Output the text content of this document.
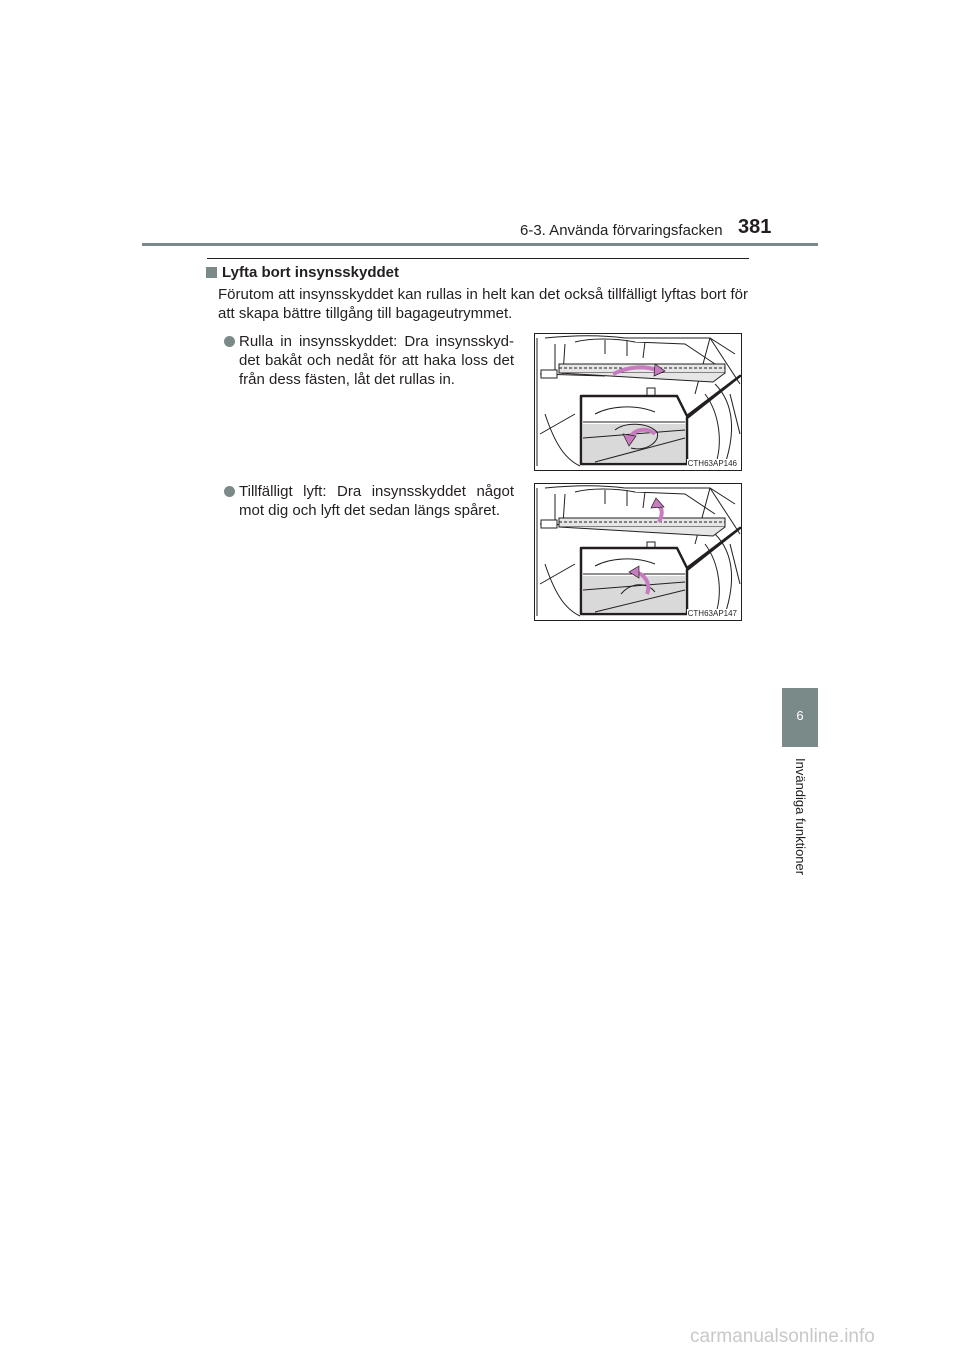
6-3. Använda förvaringsfacken 381
Lyfta bort insynsskyddet
Förutom att insynsskyddet kan rullas in helt kan det också tillfälligt lyftas bort för att skapa bättre tillgång till bagageutrymmet.
Rulla in insynsskyddet: Dra insynsskyd-det bakåt och nedåt för att haka loss det från dess fästen, låt det rullas in.
CTH63AP146
Tillfälligt lyft: Dra insynsskyddet något mot dig och lyft det sedan längs spåret.
CTH63AP147
6
Invändiga funktioner
carmanualsonline.info
